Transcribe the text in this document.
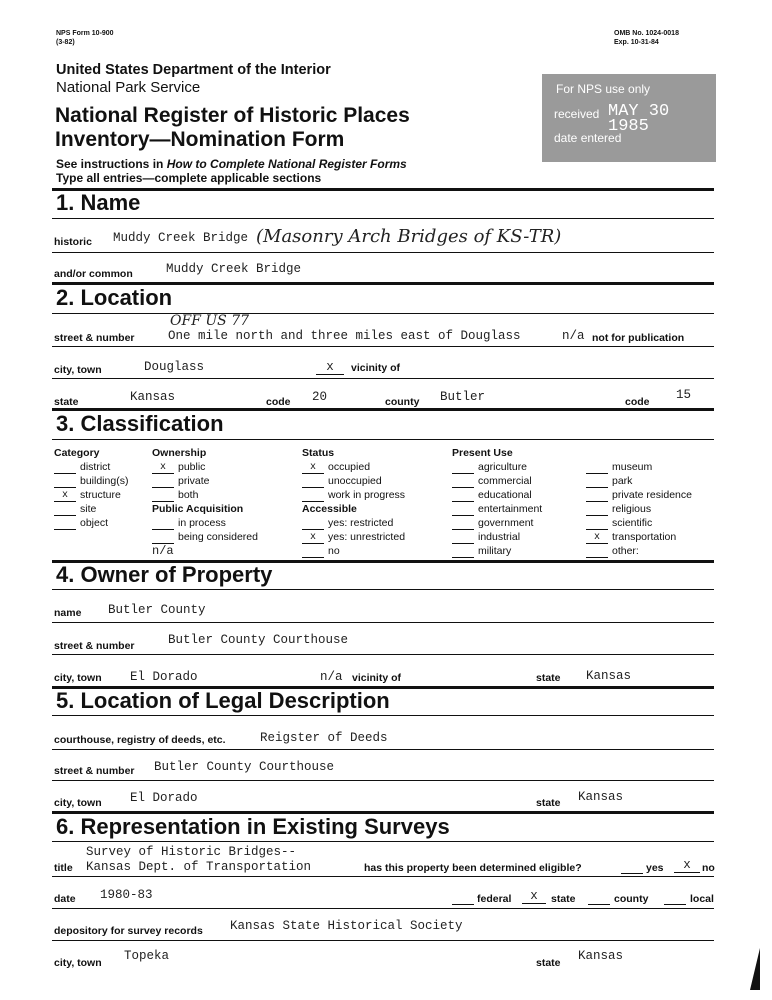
NPS Form 10-900
(3-82)
OMB No. 1024-0018
Exp. 10-31-84
United States Department of the Interior
National Park Service
National Register of Historic Places
Inventory—Nomination Form
See instructions in How to Complete National Register Forms
Type all entries—complete applicable sections
For NPS use only
received MAY 30 1985
date entered
1. Name
historic Muddy Creek Bridge (Masonry Arch Bridges of KS-TR)
and/or common	Muddy Creek Bridge
2. Location
OFF US 77
street & number	One mile north and three miles east of Douglass	n/a not for publication
city, town	Douglass	x	vicinity of
state	Kansas	code 20	county Butler	code 15
3. Classification
Category
district
building(s)
x structure
site
object
Ownership
x public
private
both
Public Acquisition
in process
being considered
n/a
Status
x occupied
unoccupied
work in progress
Accessible
yes: restricted
x yes: unrestricted
no
Present Use
agriculture
commercial
educational
entertainment
government
industrial
military
museum
park
private residence
religious
scientific
x transportation
other:
4. Owner of Property
name Butler County
street & number	Butler County Courthouse
city, town El Dorado	n/a vicinity of	state Kansas
5. Location of Legal Description
courthouse, registry of deeds, etc.	Reigster of Deeds
street & number Butler County Courthouse
city, town El Dorado	state Kansas
6. Representation in Existing Surveys
Survey of Historic Bridges--
title Kansas Dept. of Transportation	has this property been determined eligible?	yes	x	no
date 1980-83	federal	x	state	county	local
depository for survey records Kansas State Historical Society
city, town Topeka	state Kansas
